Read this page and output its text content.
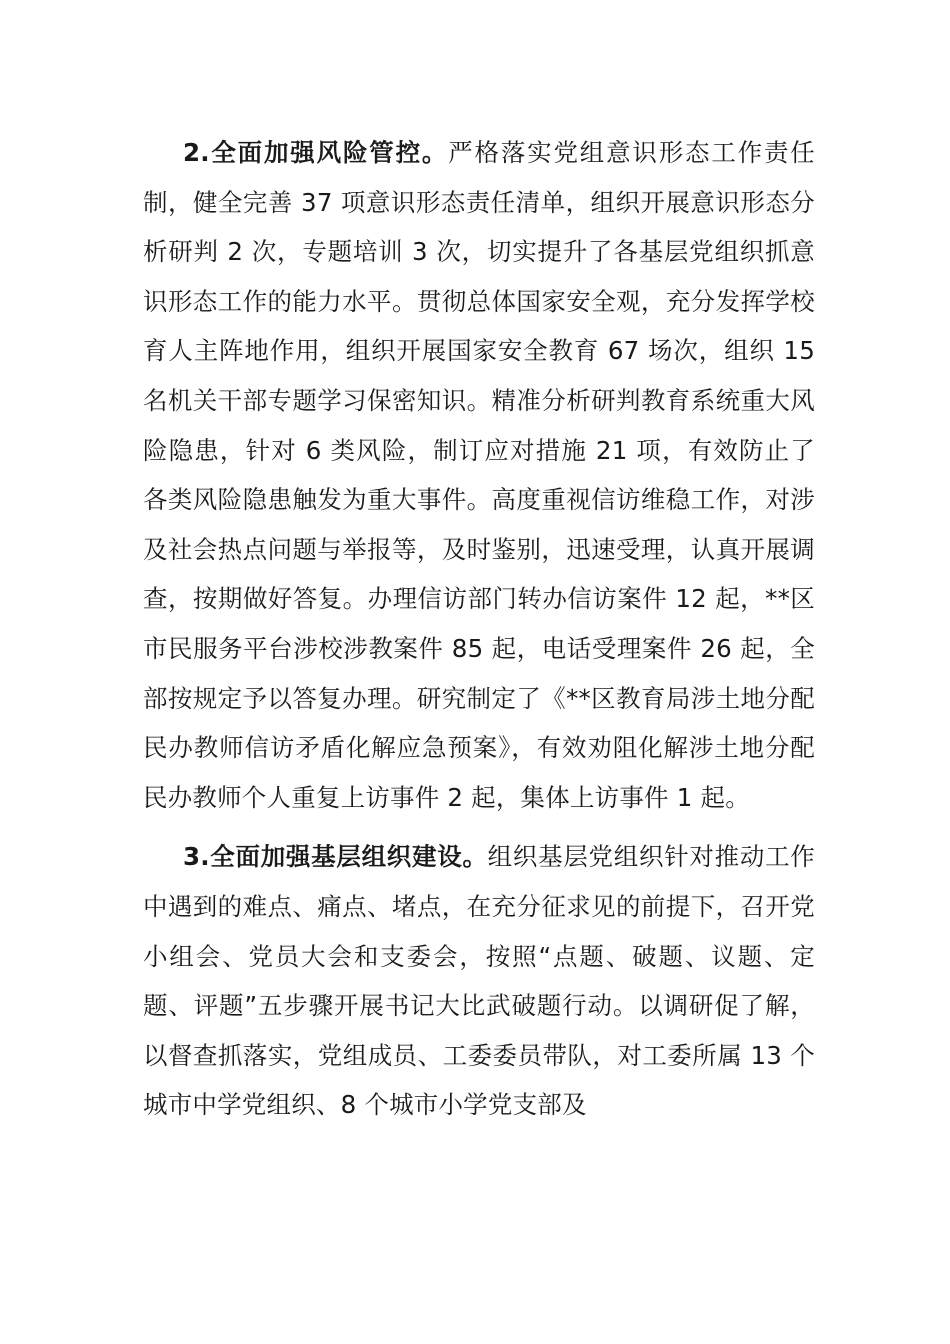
2.全面加强风险管控。严格落实党组意识形态工作责任制，健全完善 37 项意识形态责任清单，组织开展意识形态分析研判 2 次，专题培训 3 次，切实提升了各基层党组织抓意识形态工作的能力水平。贯彻总体国家安全观，充分发挥学校育人主阵地作用，组织开展国家安全教育 67 场次，组织 15 名机关干部专题学习保密知识。精准分析研判教育系统重大风险隐患，针对 6 类风险，制订应对措施 21 项，有效防止了各类风险隐患触发为重大事件。高度重视信访维稳工作，对涉及社会热点问题与举报等，及时鉴别，迅速受理，认真开展调查，按期做好答复。办理信访部门转办信访案件 12 起，**区市民服务平台涉校涉教案件 85 起，电话受理案件 26 起，全部按规定予以答复办理。研究制定了《**区教育局涉土地分配民办教师信访矛盾化解应急预案》，有效劝阻化解涉土地分配民办教师个人重复上访事件 2 起，集体上访事件 1 起。

3.全面加强基层组织建设。组织基层党组织针对推动工作中遇到的难点、痛点、堵点，在充分征求见的前提下，召开党小组会、党员大会和支委会，按照“点题、破题、议题、定题、评题”五步骤开展书记大比武破题行动。以调研促了解，以督查抓落实，党组成员、工委委员带队，对工委所属 13 个城市中学党组织、8 个城市小学党支部及
